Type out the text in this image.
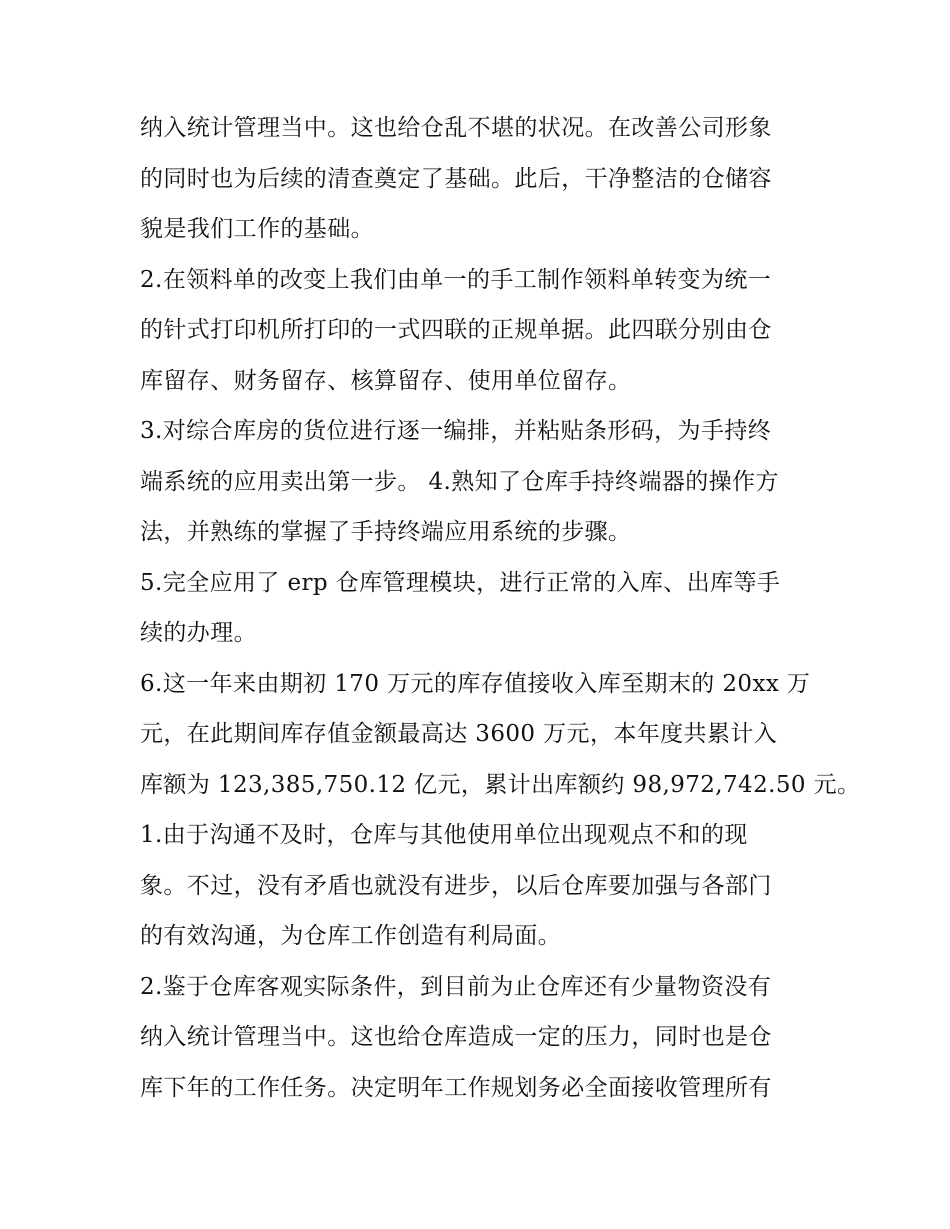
纳入统计管理当中。这也给仓乱不堪的状况。在改善公司形象
的同时也为后续的清查奠定了基础。此后，干净整洁的仓储容
貌是我们工作的基础。

2.在领料单的改变上我们由单一的手工制作领料单转变为统一
的针式打印机所打印的一式四联的正规单据。此四联分别由仓
库留存、财务留存、核算留存、使用单位留存。

3.对综合库房的货位进行逐一编排，并粘贴条形码，为手持终
端系统的应用卖出第一步。 4.熟知了仓库手持终端器的操作方
法，并熟练的掌握了手持终端应用系统的步骤。

5.完全应用了 erp 仓库管理模块，进行正常的入库、出库等手
续的办理。

6.这一年来由期初 170 万元的库存值接收入库至期末的 20xx 万
元，在此期间库存值金额最高达 3600 万元，本年度共累计入
库额为 123,385,750.12 亿元，累计出库额约 98,972,742.50 元。

1.由于沟通不及时，仓库与其他使用单位出现观点不和的现
象。不过，没有矛盾也就没有进步，以后仓库要加强与各部门
的有效沟通，为仓库工作创造有利局面。

2.鉴于仓库客观实际条件，到目前为止仓库还有少量物资没有
纳入统计管理当中。这也给仓库造成一定的压力，同时也是仓
库下年的工作任务。决定明年工作规划务必全面接收管理所有
